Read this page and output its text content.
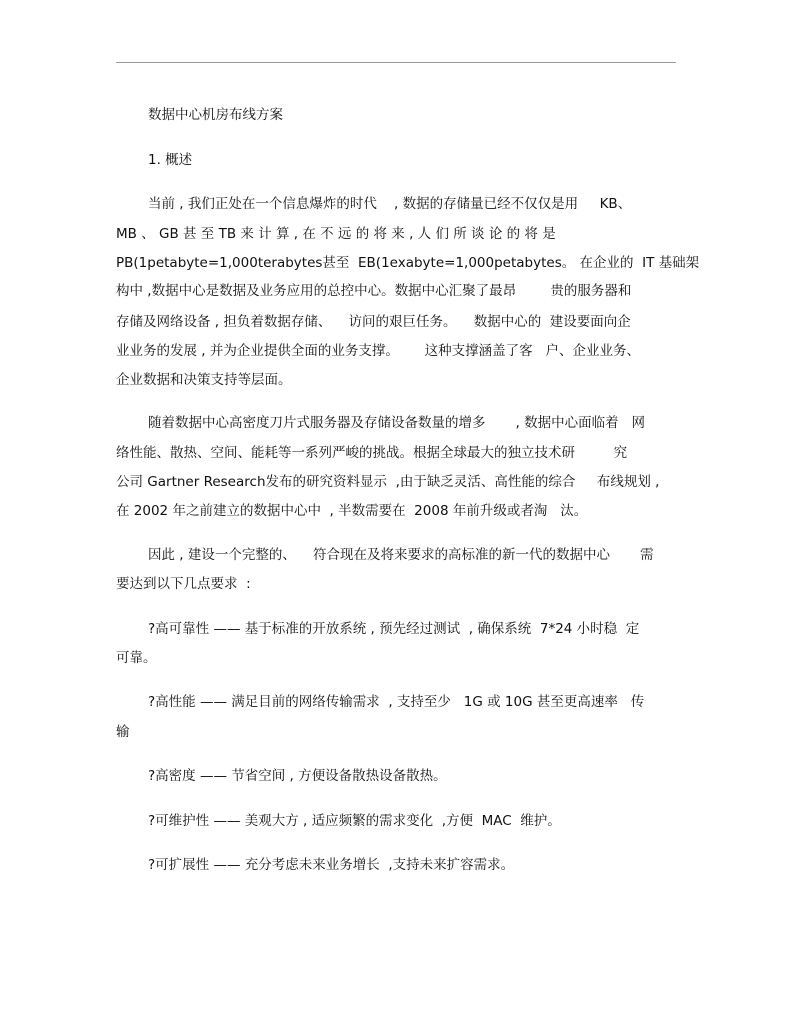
数据中心机房布线方案
1. 概述
当前 , 我们正处在一个信息爆炸的时代    , 数据的存储量已经不仅仅是用     KB、
MB 、 GB 甚 至 TB 来 计 算 , 在 不 远 的 将 来 , 人 们 所 谈 论 的 将 是
PB(1petabyte=1,000terabytes甚至  EB(1exabyte=1,000petabytes。 在企业的  IT 基础架
构中 ,数据中心是数据及业务应用的总控中心。数据中心汇聚了最昂        贵的服务器和
存储及网络设备 , 担负着数据存储、    访问的艰巨任务。    数据中心的  建设要面向企
业业务的发展 , 并为企业提供全面的业务支撑。      这种支撑涵盖了客   户、企业业务、
企业数据和决策支持等层面。
随着数据中心高密度刀片式服务器及存储设备数量的增多       , 数据中心面临着   网
络性能、散热、空间、能耗等一系列严峻的挑战。根据全球最大的独立技术研         究
公司 Gartner Research发布的研究资料显示  ,由于缺乏灵活、高性能的综合     布线规划 ,
在 2002 年之前建立的数据中心中  , 半数需要在  2008 年前升级或者淘   汰。
因此 , 建设一个完整的、    符合现在及将来要求的高标准的新一代的数据中心       需
要达到以下几点要求  :
?高可靠性 —— 基于标准的开放系统 , 预先经过测试  , 确保系统  7*24 小时稳  定
可靠。
?高性能 —— 满足目前的网络传输需求  , 支持至少   1G 或 10G 甚至更高速率   传
输
?高密度 —— 节省空间 , 方便设备散热设备散热。
?可维护性 —— 美观大方 , 适应频繁的需求变化  ,方便  MAC  维护。
?可扩展性 —— 充分考虑未来业务增长  ,支持未来扩容需求。
